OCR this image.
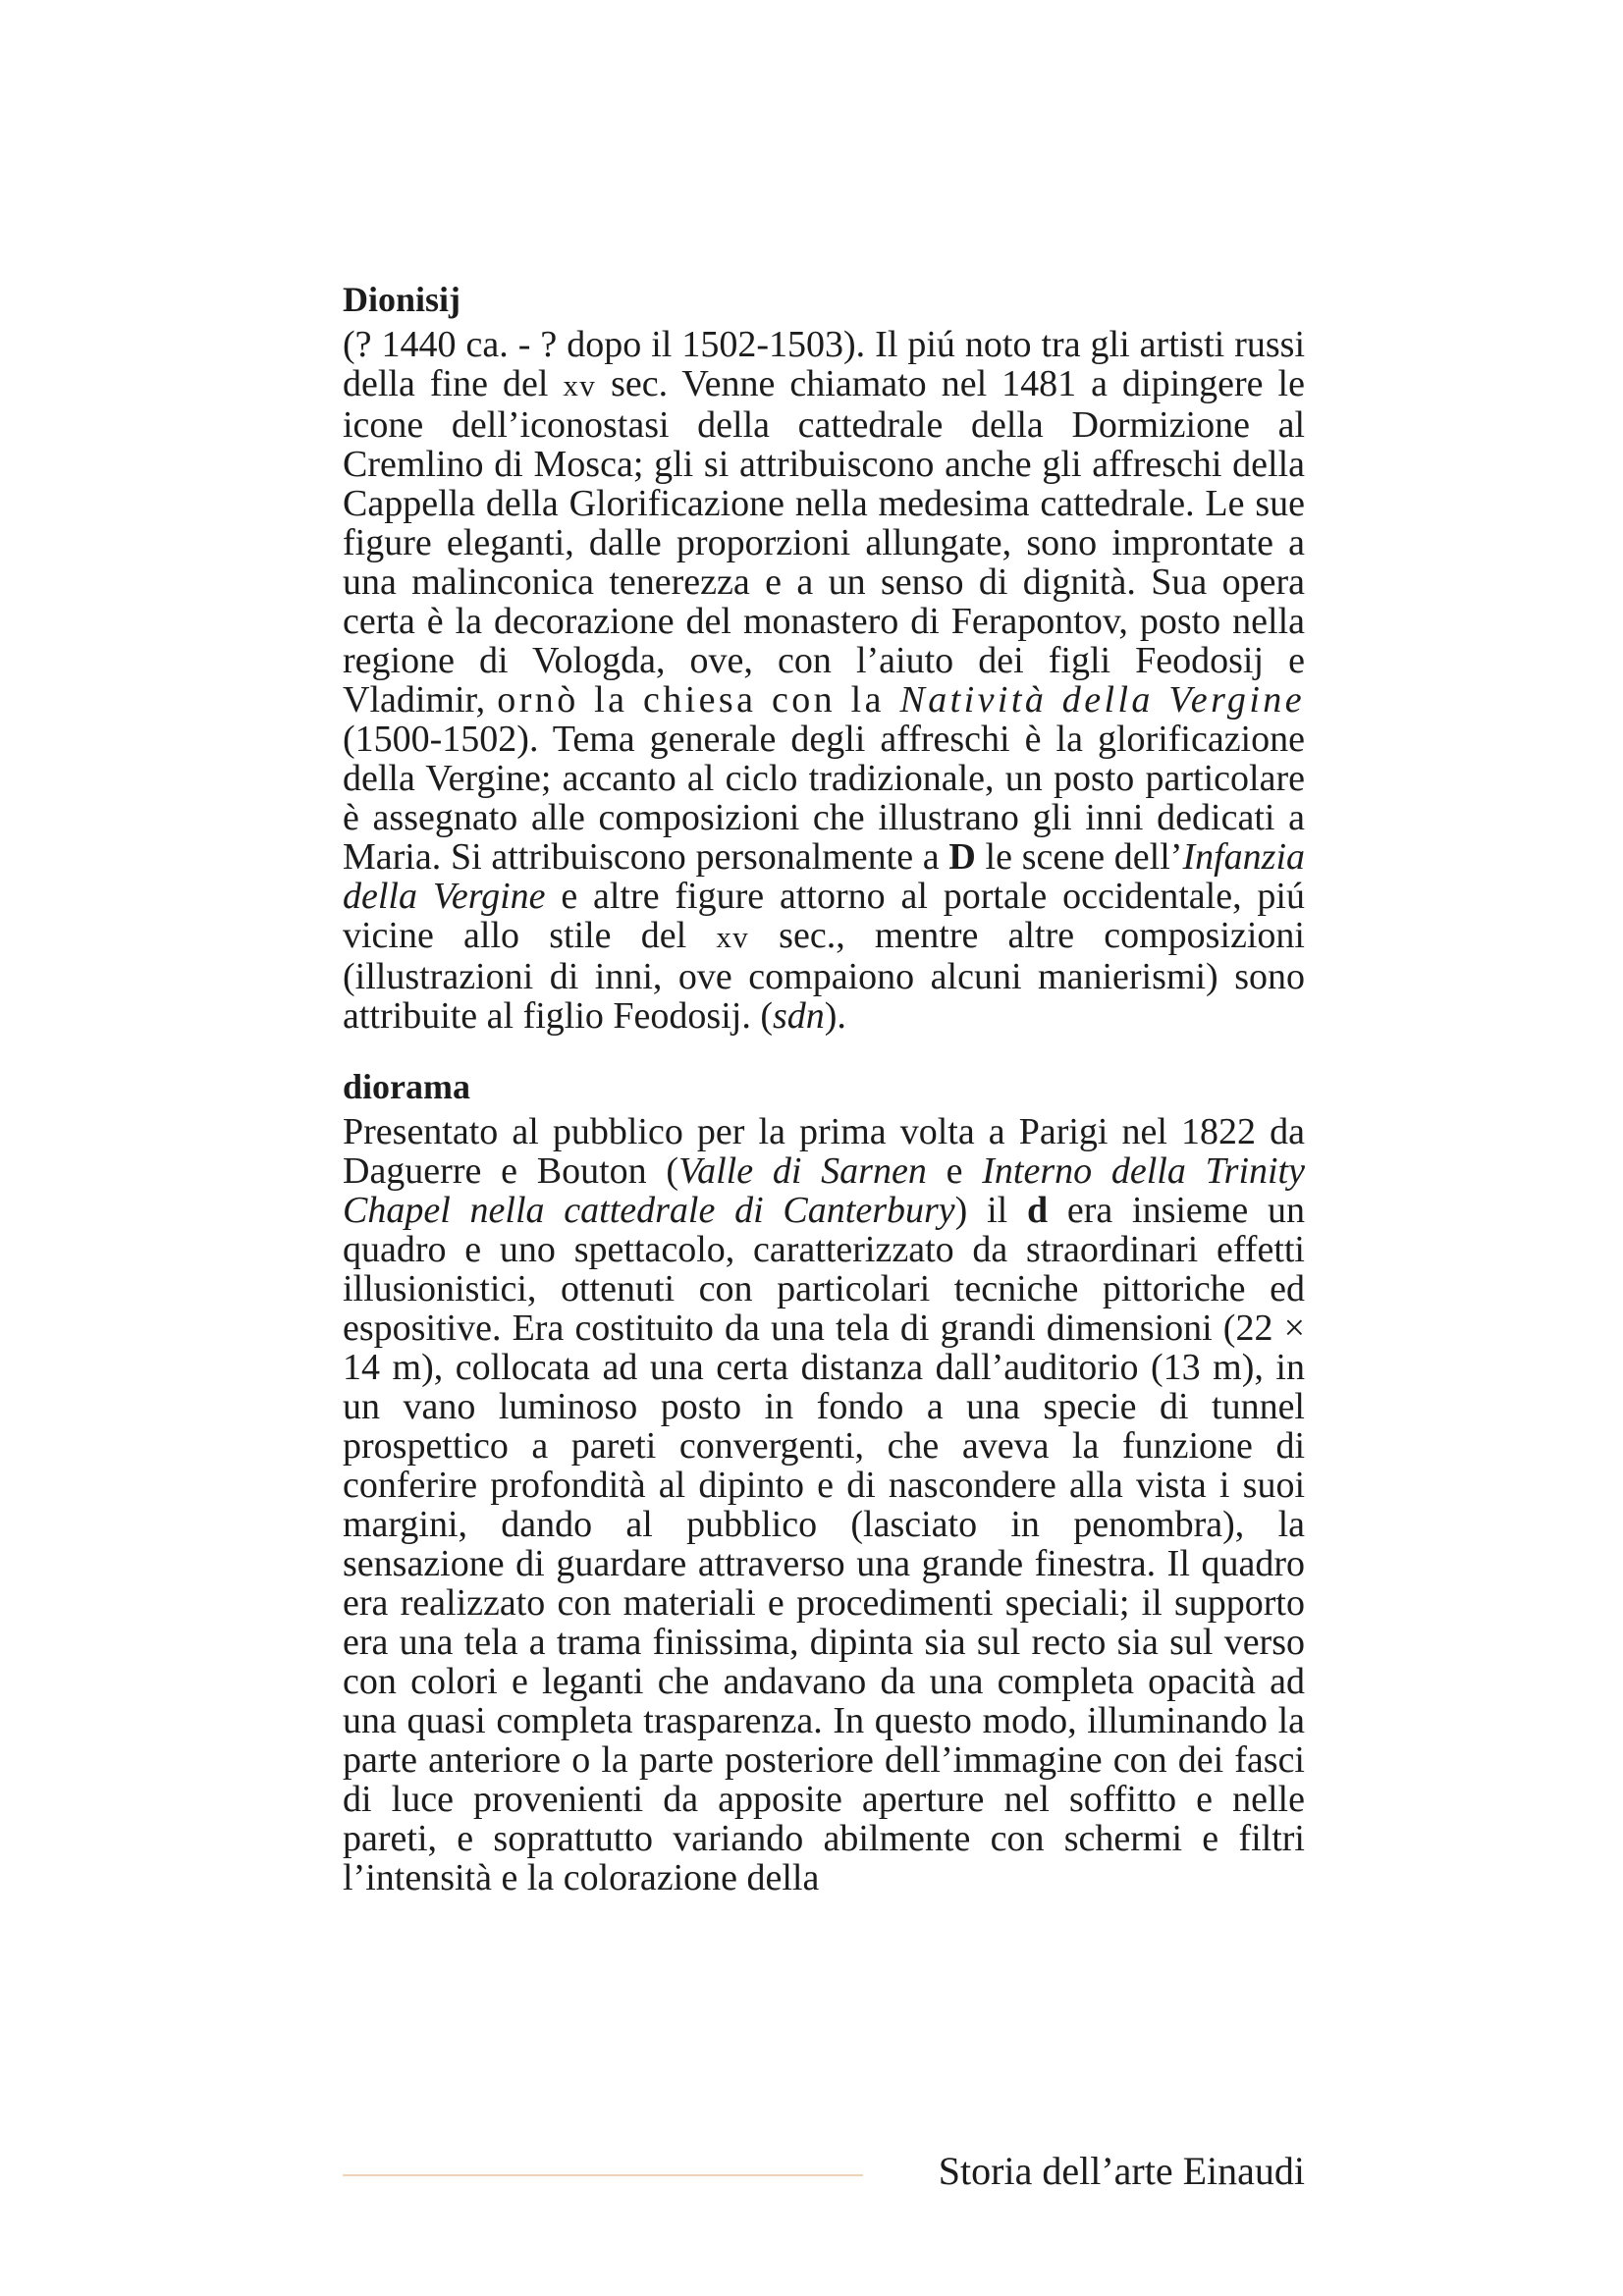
Dionisij

(? 1440 ca. - ? dopo il 1502-1503). Il piú noto tra gli artisti russi della fine del xv sec. Venne chiamato nel 1481 a dipingere le icone dell’iconostasi della cattedrale della Dormizione al Cremlino di Mosca; gli si attribuiscono anche gli affreschi della Cappella della Glorificazione nella medesima cattedrale. Le sue figure eleganti, dalle proporzioni allungate, sono improntate a una malinconica tenerezza e a un senso di dignità. Sua opera certa è la decorazione del monastero di Ferapontov, posto nella regione di Vologda, ove, con l’aiuto dei figli Feodosij e Vladimir, ornò la chiesa con la Natività della Vergine (1500-1502). Tema generale degli affreschi è la glorificazione della Vergine; accanto al ciclo tradizionale, un posto particolare è assegnato alle composizioni che illustrano gli inni dedicati a Maria. Si attribuiscono personalmente a D le scene dell’Infanzia della Vergine e altre figure attorno al portale occidentale, piú vicine allo stile del xv sec., mentre altre composizioni (illustrazioni di inni, ove compaiono alcuni manierismi) sono attribuite al figlio Feodosij. (sdn).

diorama

Presentato al pubblico per la prima volta a Parigi nel 1822 da Daguerre e Bouton (Valle di Sarnen e Interno della Trinity Chapel nella cattedrale di Canterbury) il d era insieme un quadro e uno spettacolo, caratterizzato da straordinari effetti illusionistici, ottenuti con particolari tecniche pittoriche ed espositive. Era costituito da una tela di grandi dimensioni (22 × 14 m), collocata ad una certa distanza dall’auditorio (13 m), in un vano luminoso posto in fondo a una specie di tunnel prospettico a pareti convergenti, che aveva la funzione di conferire profondità al dipinto e di nascondere alla vista i suoi margini, dando al pubblico (lasciato in penombra), la sensazione di guardare attraverso una grande finestra. Il quadro era realizzato con materiali e procedimenti speciali; il supporto era una tela a trama finissima, dipinta sia sul recto sia sul verso con colori e leganti che andavano da una completa opacità ad una quasi completa trasparenza. In questo modo, illuminando la parte anteriore o la parte posteriore dell’immagine con dei fasci di luce provenienti da apposite aperture nel soffitto e nelle pareti, e soprattutto variando abilmente con schermi e filtri l’intensità e la colorazione della

Storia dell’arte Einaudi
